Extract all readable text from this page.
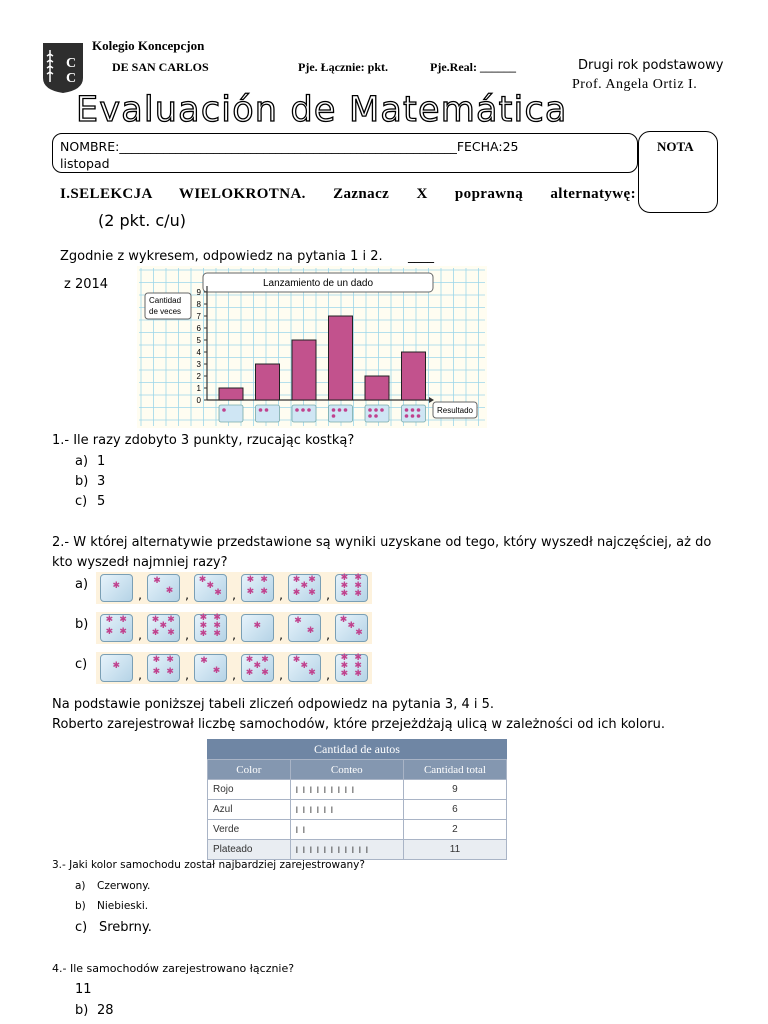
C
C
Kolegio Koncepcjon
DE SAN CARLOS	Pje. Łącznie: pkt.	Pje.Real: ______	Drugi rok podstawowy
Prof. Angela Ortiz I.
Evaluación de Matemática
NOMBRE:______________________________________________________FECHA:25
listopad
NOTA
I.SELEKCJA WIELOKROTNA. Zaznacz X poprawną alternatywę:
(2 pkt. c/u)
Zgodnie z wykresem, odpowiedz na pytania 1 i 2. ____
z 2014	Lanzamiento de un dado
Cantidad
de veces
0
1
2
3
4
5
6
7
8
9
Resultado
1.- Ile razy zdobyto 3 punkty, rzucając kostką?
a) 1
b) 3
c) 5
2.- W której alternatywie przedstawione są wyniki uzyskane od tego, który wyszedł najczęściej, aż do
kto wyszedł najmniej razy?
a)	✱
,
✱
✱ ,
✱
✱
✱ ,
✱ ✱
✱ ✱ ,
✱ ✱
✱
✱ ✱ ,
✱ ✱
✱ ✱
✱ ✱
b) ✱ ✱
✱ ✱ ,
✱ ✱
✱
✱ ✱ ,
✱ ✱
✱ ✱
✱ ✱ ,
✱
,
✱
✱ ,
✱
✱
✱
c)	✱
,
✱ ✱
✱ ✱ ,
✱
✱ ,
✱ ✱
✱
✱ ✱ ,
✱
✱
✱ ,
✱ ✱
✱ ✱
✱ ✱
Na podstawie poniższej tabeli zliczeń odpowiedz na pytania 3, 4 i 5.
Roberto zarejestrował liczbę samochodów, które przejeżdżają ulicą w zależności od ich koloru.
Cantidad de autos
Color	Conteo	Cantidad total
Rojo	I I I I I I I I I	9
Azul	I I I I I I	6
Verde	I I	2
Plateado	I I I I I I I I I I I	11
3.- Jaki kolor samochodu został najbardziej zarejestrowany?
a) Czerwony.
b) Niebieski.
c) Srebrny.
4.- Ile samochodów zarejestrowano łącznie?
11
b) 28
